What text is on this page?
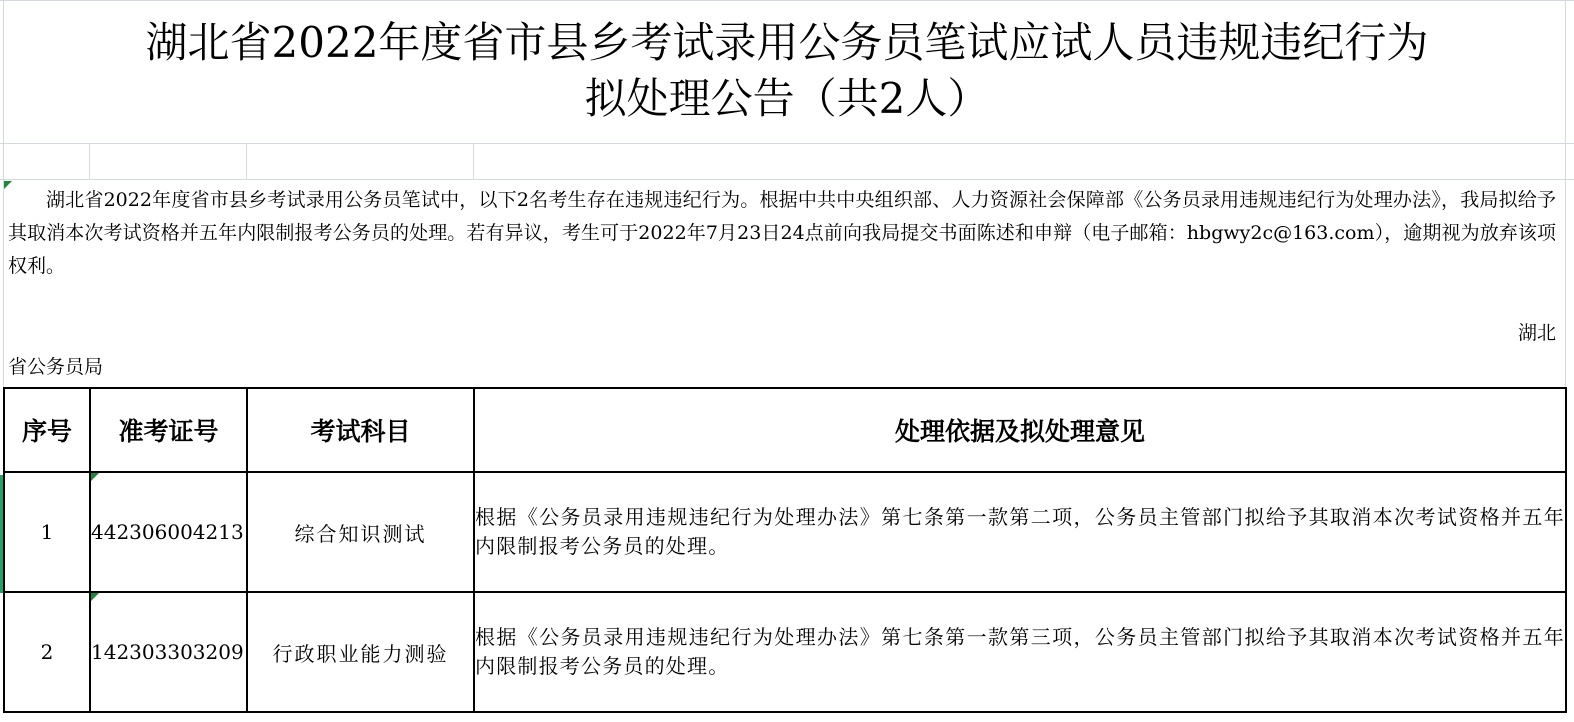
湖北省2022年度省市县乡考试录用公务员笔试应试人员违规违纪行为
拟处理公告（共2人）
湖北省2022年度省市县乡考试录用公务员笔试中，以下2名考生存在违规违纪行为。根据中共中央组织部、人力资源社会保障部《公务员录用违规违纪行为处理办法》，我局拟给予其取消本次考试资格并五年内限制报考公务员的处理。若有异议，考生可于2022年7月23日24点前向我局提交书面陈述和申辩（电子邮箱：hbgwy2c@163.com），逾期视为放弃该项权利。
湖北
省公务员局
序号	准考证号	考试科目	处理依据及拟处理意见
1	442306004213	综合知识测试	根据《公务员录用违规违纪行为处理办法》第七条第一款第二项，公务员主管部门拟给予其取消本次考试资格并五年内限制报考公务员的处理。
2	142303303209	行政职业能力测验	根据《公务员录用违规违纪行为处理办法》第七条第一款第三项，公务员主管部门拟给予其取消本次考试资格并五年内限制报考公务员的处理。
